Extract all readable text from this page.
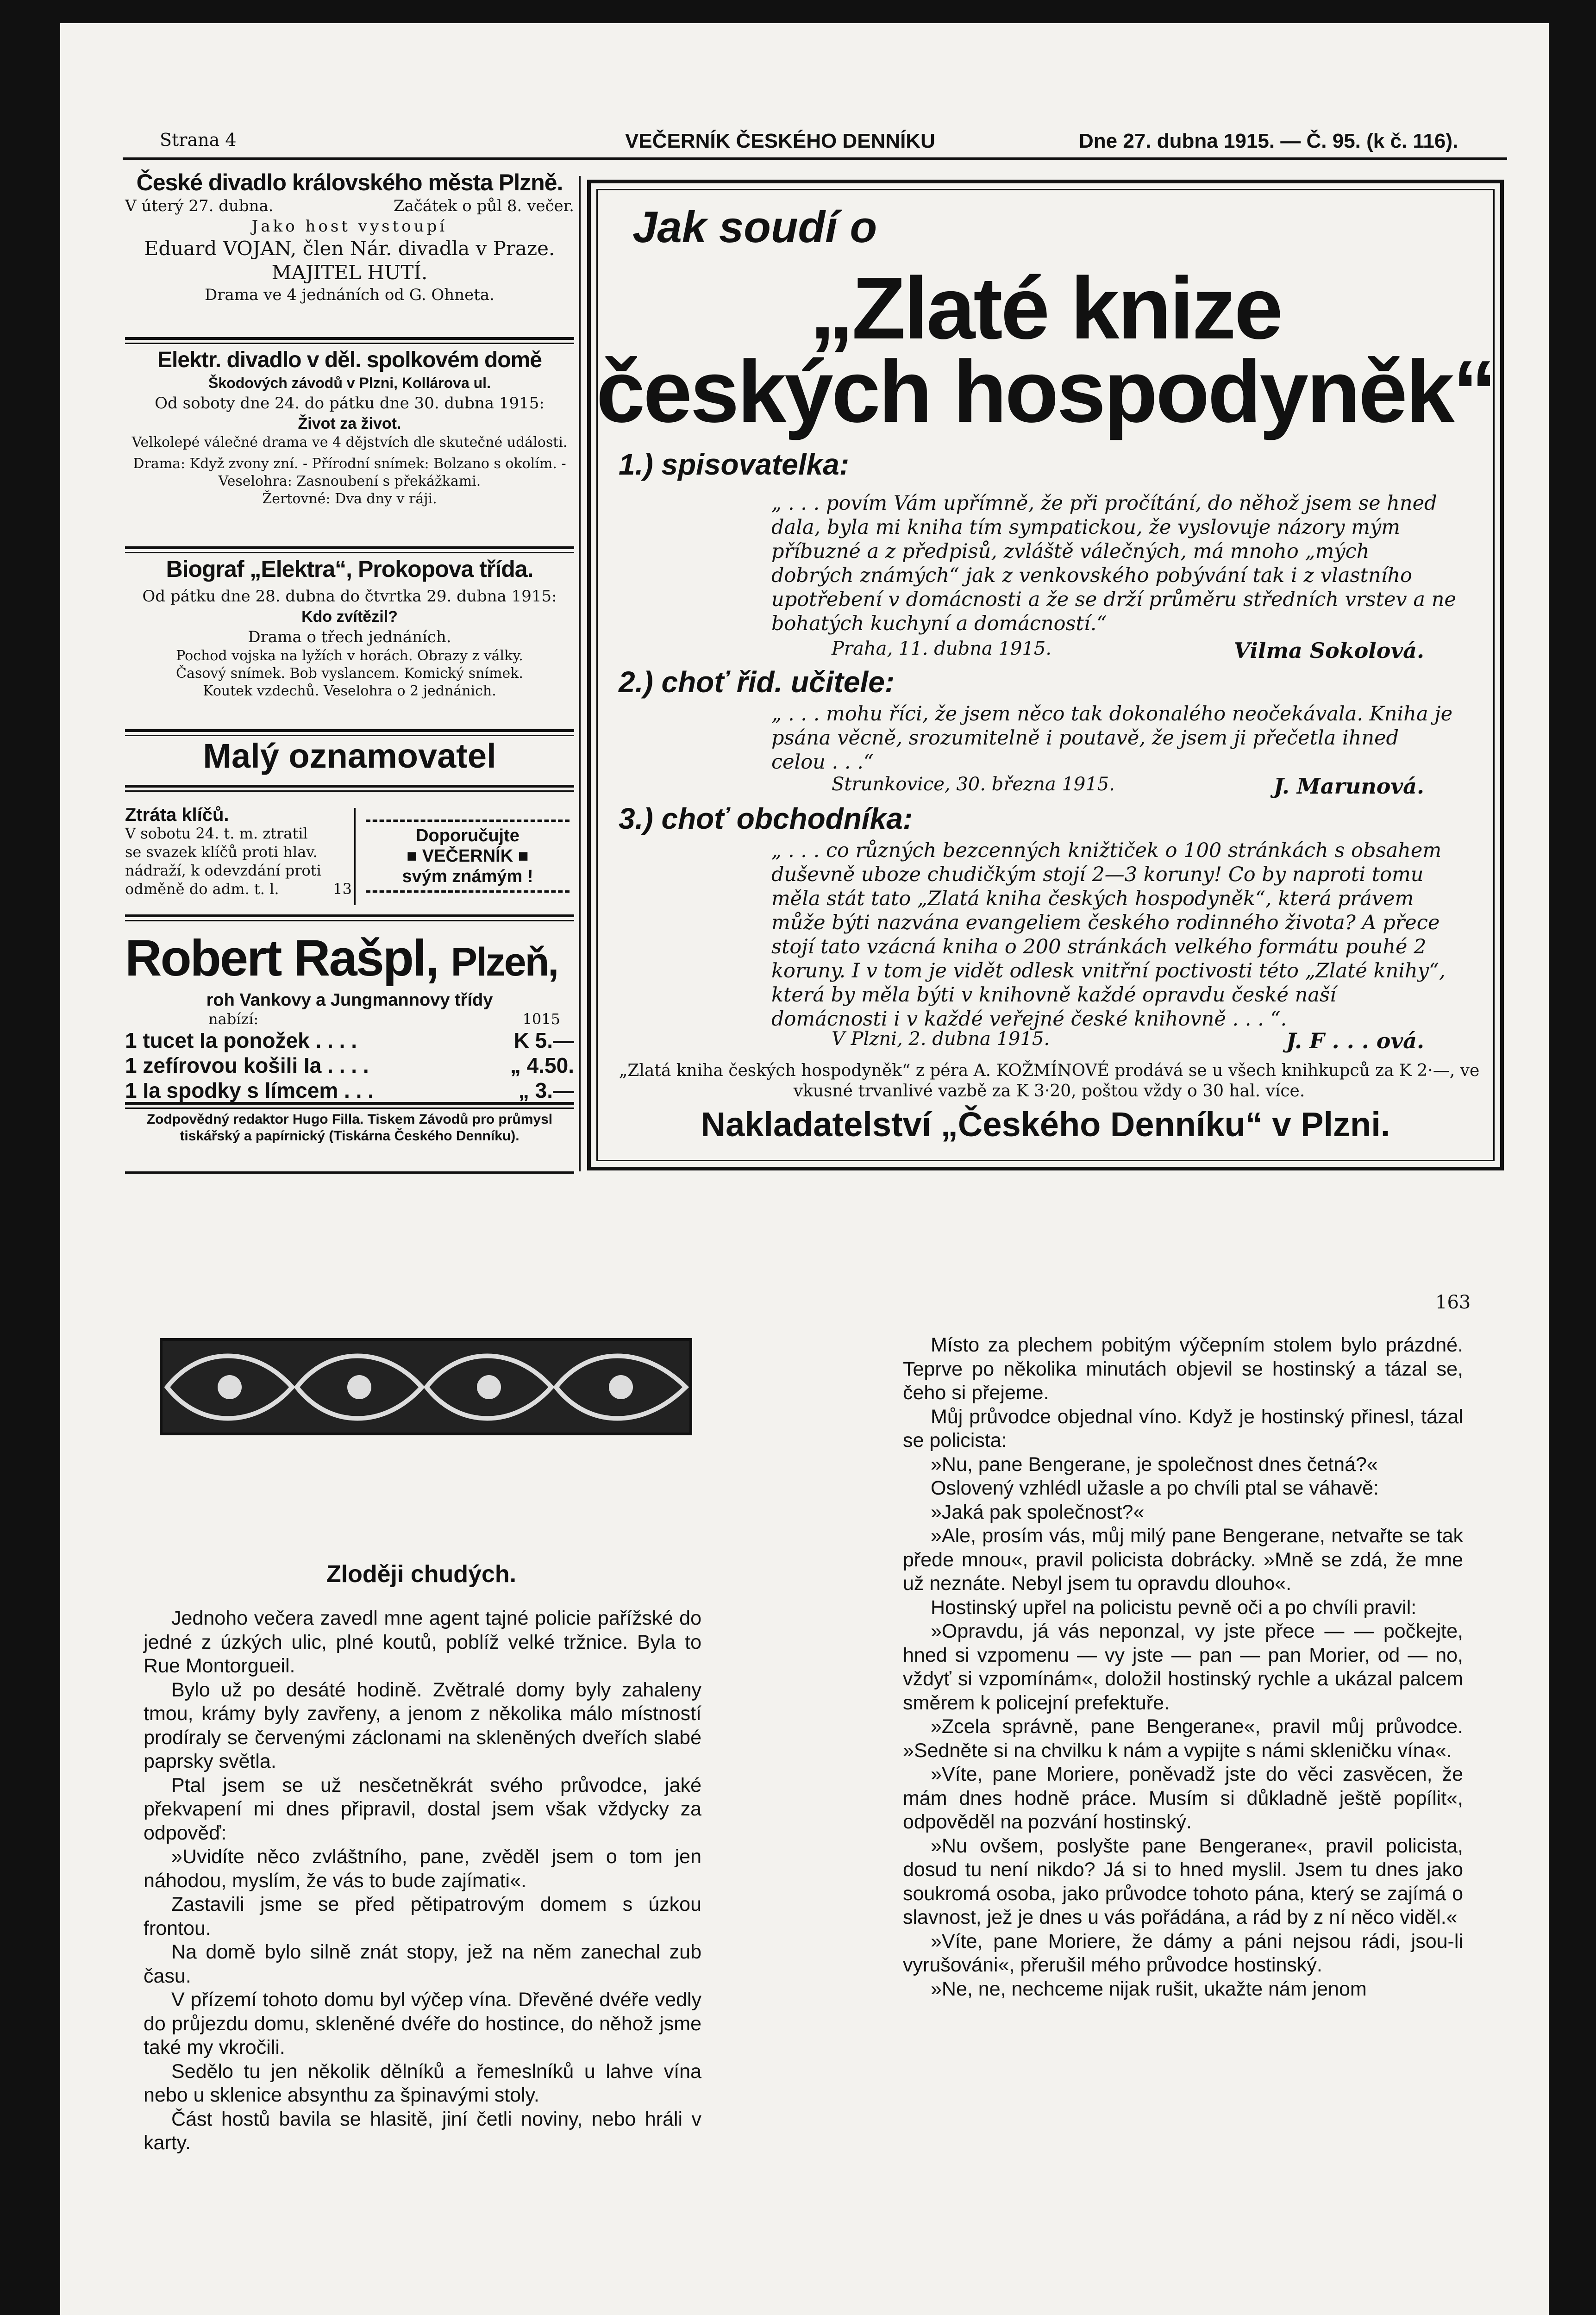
Strana 4	VEČERNÍK ČESKÉHO DENNÍKU	Dne 27. dubna 1915. — Č. 95. (k č. 116).
České divadlo královského města Plzně.
V úterý 27. dubna.	Začátek o půl 8. večer.
Jako host vystoupí
Eduard VOJAN, člen Nár. divadla v Praze.
MAJITEL HUTÍ.
Drama ve 4 jednáních od G. Ohneta.
Elektr. divadlo v děl. spolkovém domě
Škodových závodů v Plzni, Kollárova ul.
Od soboty dne 24. do pátku dne 30. dubna 1915:
Život za život.
Velkolepé válečné drama ve 4 dějstvích dle skutečné události.
Drama: Když zvony zní. - Přírodní snímek: Bolzano s okolím. - Veselohra: Zasnoubení s překážkami.
Žertovné: Dva dny v ráji.
Biograf „Elektra“, Prokopova třída.
Od pátku dne 28. dubna do čtvrtka 29. dubna 1915:
Kdo zvítězil?
Drama o třech jednáních.
Pochod vojska na lyžích v horách. Obrazy z války.
Časový snímek. Bob vyslancem. Komický snímek.
Koutek vzdechů. Veselohra o 2 jednánich.
Malý oznamovatel
Ztráta klíčů.
V sobotu 24. t. m. ztratil
se svazek klíčů proti hlav.
nádraží, k odevzdání proti
odměně do adm. t. l.	13
Doporučujte
■ VEČERNÍK ■
svým známým !
Robert Rašpl, Plzeň,
roh Vankovy a Jungmannovy třídy
nabízí:	1015
1 tucet Ia ponožek . . . .	K 5.—
1 zefírovou košili Ia . . . .	„ 4.50.
1 Ia spodky s límcem . . .	„ 3.—
Zodpovědný redaktor Hugo Filla. Tiskem Závodů pro průmysl tiskářský a papírnický (Tiskárna Českého Denníku).
Jak soudí o
„Zlaté knize
českých hospodyněk“
1.) spisovatelka:
„ . . . povím Vám upřímně, že při pročítání, do něhož jsem se hned dala, byla mi kniha tím sympatickou, že vyslovuje názory mým příbuzné a z předpisů, zvláště válečných, má mnoho „mých dobrých známých“ jak z venkovského pobývání tak i z vlastního upotřebení v domácnosti a že se drží průměru středních vrstev a ne bohatých kuchyní a domácností.“
Praha, 11. dubna 1915.	Vilma Sokolová.
2.) choť řid. učitele:
„ . . . mohu říci, že jsem něco tak dokonalého neočekávala. Kniha je psána věcně, srozumitelně i poutavě, že jsem ji přečetla ihned celou . . .“
Strunkovice, 30. března 1915.	J. Marunová.
3.) choť obchodníka:
„ . . . co různých bezcenných knižtiček o 100 stránkách s obsahem duševně uboze chudičkým stojí 2—3 koruny! Co by naproti tomu měla stát tato „Zlatá kniha českých hospodyněk“, která právem může býti nazvána evangeliem českého rodinného života? A přece stojí tato vzácná kniha o 200 stránkách velkého formátu pouhé 2 koruny. I v tom je vidět odlesk vnitřní poctivosti této „Zlaté knihy“, která by měla býti v knihovně každé opravdu české naší domácnosti i v každé veřejné české knihovně . . . “.
V Plzni, 2. dubna 1915.	J. F . . . ová.
„Zlatá kniha českých hospodyněk“ z péra A. KOŽMÍNOVÉ prodává se u všech knihkupců za K 2·—, ve vkusné trvanlivé vazbě za K 3·20, poštou vždy o 30 hal. více.
Nakladatelství „Českého Denníku“ v Plzni.
163
Zloději chudých.

Jednoho večera zavedl mne agent tajné policie pařížské do jedné z úzkých ulic, plné koutů, poblíž velké tržnice. Byla to Rue Montorgueil.

Bylo už po desáté hodině. Zvětralé domy byly zahaleny tmou, krámy byly zavřeny, a jenom z několika málo místností prodíraly se červenými záclonami na skleněných dveřích slabé paprsky světla.

Ptal jsem se už nesčetněkrát svého průvodce, jaké překvapení mi dnes připravil, dostal jsem však vždycky za odpověď:

»Uvidíte něco zvláštního, pane, zvěděl jsem o tom jen náhodou, myslím, že vás to bude zajímati«.

Zastavili jsme se před pětipatrovým domem s úzkou frontou.

Na domě bylo silně znát stopy, jež na něm zanechal zub času.

V přízemí tohoto domu byl výčep vína. Dřevěné dvéře vedly do průjezdu domu, skleněné dvéře do hostince, do něhož jsme také my vkročili.

Sedělo tu jen několik dělníků a řemeslníků u lahve vína nebo u sklenice absynthu za špinavými stoly.

Část hostů bavila se hlasitě, jiní četli noviny, nebo hráli v karty.

Místo za plechem pobitým výčepním stolem bylo prázdné. Teprve po několika minutách objevil se hostinský a tázal se, čeho si přejeme.

Můj průvodce objednal víno. Když je hostinský přinesl, tázal se policista:

»Nu, pane Bengerane, je společnost dnes četná?«

Oslovený vzhlédl užasle a po chvíli ptal se váhavě:

»Jaká pak společnost?«

»Ale, prosím vás, můj milý pane Bengerane, netvařte se tak přede mnou«, pravil policista dobrácky. »Mně se zdá, že mne už neznáte. Nebyl jsem tu opravdu dlouho«.

Hostinský upřel na policistu pevně oči a po chvíli pravil:

»Opravdu, já vás neponzal, vy jste přece — — počkejte, hned si vzpomenu — vy jste — pan — pan Morier, od — no, vždyť si vzpomínám«, doložil hostinský rychle a ukázal palcem směrem k policejní prefektuře.

»Zcela správně, pane Bengerane«, pravil můj průvodce. »Sedněte si na chvilku k nám a vypijte s námi skleničku vína«.

»Víte, pane Moriere, poněvadž jste do věci zasvěcen, že mám dnes hodně práce. Musím si důkladně ještě popílit«, odpověděl na pozvání hostinský.

»Nu ovšem, poslyšte pane Bengerane«, pravil policista, dosud tu není nikdo? Já si to hned myslil. Jsem tu dnes jako soukromá osoba, jako průvodce tohoto pána, který se zajímá o slavnost, jež je dnes u vás pořádána, a rád by z ní něco viděl.«

»Víte, pane Moriere, že dámy a páni nejsou rádi, jsou-li vyrušováni«, přerušil mého průvodce hostinský.

»Ne, ne, nechceme nijak rušit, ukažte nám jenom
